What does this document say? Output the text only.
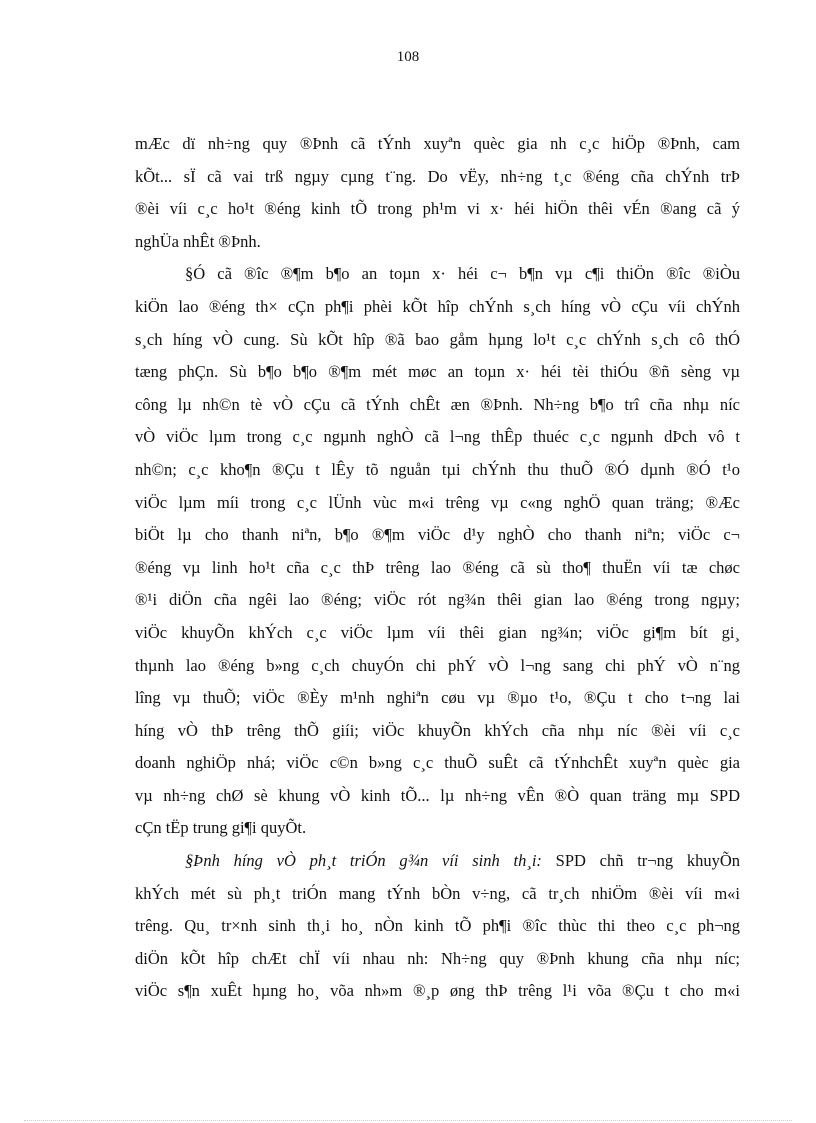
108

mÆc dï nh÷ng quy ®Þnh cã tÝnh xuyªn quèc gia nh c¸c hiÖp ®Þnh, cam
kÕt... sÏ cã vai trß ngµy cµng t¨ng. Do vËy, nh÷ng t¸c ®éng cña chÝnh trÞ
®èi víi c¸c ho¹t ®éng kinh tÕ trong ph¹m vi x· héi hiÖn thêi vÉn ®ang cã ý
nghÜa nhÊt ®Þnh.

§Ó cã ®îc ®¶m b¶o an toµn x· héi c¬ b¶n vµ c¶i thiÖn ®îc ®iÒu
kiÖn lao ®éng th× cÇn ph¶i phèi kÕt hîp chÝnh s¸ch híng vÒ cÇu víi chÝnh
s¸ch híng vÒ cung. Sù kÕt hîp ®ã bao gåm hµng lo¹t c¸c chÝnh s¸ch cô thÓ
tæng phÇn. Sù b¶o b¶o ®¶m mét møc an toµn x· héi tèi thiÓu ®ñ sèng vµ
công lµ nh©n tè vÒ cÇu cã tÝnh chÊt æn ®Þnh. Nh÷ng b¶o trî cña nhµ níc
vÒ viÖc lµm trong c¸c ngµnh nghÒ cã l¬ng thÊp thuéc c¸c ngµnh dÞch vô t
nh©n; c¸c kho¶n ®Çu t lÊy tõ nguån tµi chÝnh thu thuÕ ®Ó dµnh ®Ó t¹o
viÖc lµm míi trong c¸c lÜnh vùc m«i trêng vµ c«ng nghÖ quan träng; ®Æc
biÖt lµ cho thanh niªn, b¶o ®¶m viÖc d¹y nghÒ cho thanh niªn; viÖc c¬
®éng vµ linh ho¹t cña c¸c thÞ trêng lao ®éng cã sù tho¶ thuËn víi tæ chøc
®¹i diÖn cña ngêi lao ®éng; viÖc rót ng¾n thêi gian lao ®éng trong ngµy;
viÖc khuyÕn khÝch c¸c viÖc lµm víi thêi gian ng¾n; viÖc gi¶m bít gi¸
thµnh lao ®éng b»ng c¸ch chuyÓn chi phÝ vÒ l¬ng sang chi phÝ vÒ n¨ng
lîng vµ thuÕ; viÖc ®Èy m¹nh nghiªn cøu vµ ®µo t¹o, ®Çu t cho t¬ng lai
híng vÒ thÞ trêng thÕ giíi; viÖc khuyÕn khÝch cña nhµ níc ®èi víi c¸c
doanh nghiÖp nhá; viÖc c©n b»ng c¸c thuÕ suÊt cã tÝnhchÊt xuyªn quèc gia
vµ nh÷ng chØ sè khung vÒ kinh tÕ... lµ nh÷ng vÊn ®Ò quan träng mµ SPD
cÇn tËp trung gi¶i quyÕt.

§Þnh híng vÒ ph¸t triÓn g¾n víi sinh th¸i: SPD chñ tr¬ng khuyÕn
khÝch mét sù ph¸t triÓn mang tÝnh bÒn v÷ng, cã tr¸ch nhiÖm ®èi víi m«i
trêng. Qu¸ tr×nh sinh th¸i ho¸ nÒn kinh tÕ ph¶i ®îc thùc thi theo c¸c ph¬ng
diÖn kÕt hîp chÆt chÏ víi nhau nh: Nh÷ng quy ®Þnh khung cña nhµ níc;
viÖc s¶n xuÊt hµng ho¸ võa nh»m ®¸p øng thÞ trêng l¹i võa ®Çu t cho m«i
